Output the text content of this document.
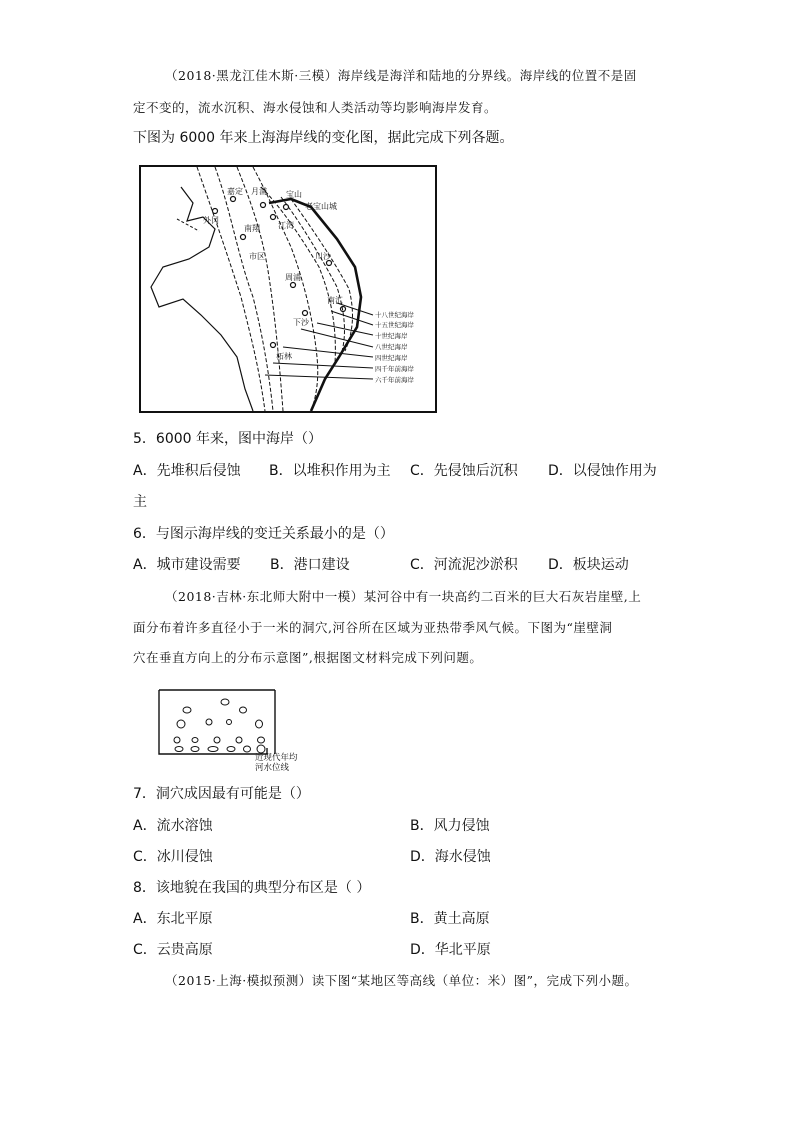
（2018·黑龙江佳木斯·三模）海岸线是海洋和陆地的分界线。海岸线的位置不是固
定不变的，流水沉积、海水侵蚀和人类活动等均影响海岸发育。
下图为 6000 年来上海海岸线的变化图，据此完成下列各题。
十八世纪海岸
十五世纪海岸
十世纪海岸
八世纪海岸
四世纪海岸
四千年前海岸
六千年前海岸
嘉定 月浦 宝山
老宝山城
外冈
南翔 江湾
市区	川沙
周浦
南汇
下沙
柘林
5．6000 年来，图中海岸（）
A．先堆积后侵蚀 B．以堆积作用为主 C．先侵蚀后沉积 D．以侵蚀作用为
主
6．与图示海岸线的变迁关系最小的是（）
A．城市建设需要 B．港口建设	C．河流泥沙淤积 D．板块运动
（2018·吉林·东北师大附中一模）某河谷中有一块高约二百米的巨大石灰岩崖壁,上
面分布着许多直径小于一米的洞穴,河谷所在区域为亚热带季风气候。下图为“崖壁洞
穴在垂直方向上的分布示意图”,根据图文材料完成下列问题。
近现代年均
河水位线
7．洞穴成因最有可能是（）
A．流水溶蚀	B．风力侵蚀
C．冰川侵蚀	D．海水侵蚀
8．该地貌在我国的典型分布区是（ ）
A．东北平原	B．黄土高原
C．云贵高原	D．华北平原
（2015·上海·模拟预测）读下图“某地区等高线（单位：米）图”，完成下列小题。
